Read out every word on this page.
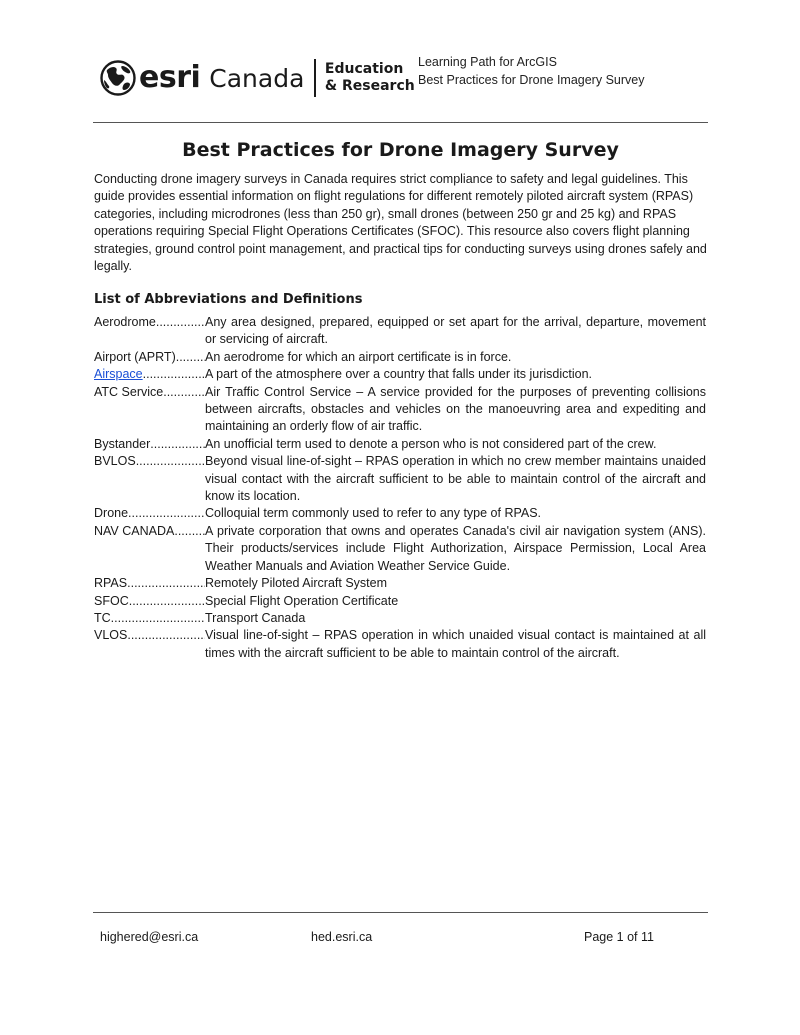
esri Canada Education
& Research
Learning Path for ArcGIS
Best Practices for Drone Imagery Survey
Best Practices for Drone Imagery Survey

Conducting drone imagery surveys in Canada requires strict compliance to safety and legal guidelines. This guide provides essential information on flight regulations for different remotely piloted aircraft system (RPAS) categories, including microdrones (less than 250 gr), small drones (between 250 gr and 25 kg) and RPAS operations requiring Special Flight Operations Certificates (SFOC). This resource also covers flight planning strategies, ground control point management, and practical tips for conducting surveys using drones safely and legally.

List of Abbreviations and Definitions
Aerodrome .....	Any area designed, prepared, equipped or set apart for the arrival, departure, movement or servicing of aircraft.
Airport (APRT) ..... An aerodrome for which an airport certificate is in force.
Airspace .....	A part of the atmosphere over a country that falls under its jurisdiction.
ATC Service .....	Air Traffic Control Service – A service provided for the purposes of preventing collisions between aircrafts, obstacles and vehicles on the manoeuvring area and expediting and maintaining an orderly flow of air traffic.
Bystander .....	An unofficial term used to denote a person who is not considered part of the crew.
BVLOS .....	Beyond visual line-of-sight – RPAS operation in which no crew member maintains unaided visual contact with the aircraft sufficient to be able to maintain control of the aircraft and know its location.
Drone .....	Colloquial term commonly used to refer to any type of RPAS.
NAV CANADA ..... A private corporation that owns and operates Canada's civil air navigation system (ANS). Their products/services include Flight Authorization, Airspace Permission, Local Area Weather Manuals and Aviation Weather Service Guide.
RPAS .....	Remotely Piloted Aircraft System
SFOC .....	Special Flight Operation Certificate
TC .....	Transport Canada
VLOS .....	Visual line-of-sight – RPAS operation in which unaided visual contact is maintained at all times with the aircraft sufficient to be able to maintain control of the aircraft.
highered@esri.ca	hed.esri.ca	Page 1 of 11
